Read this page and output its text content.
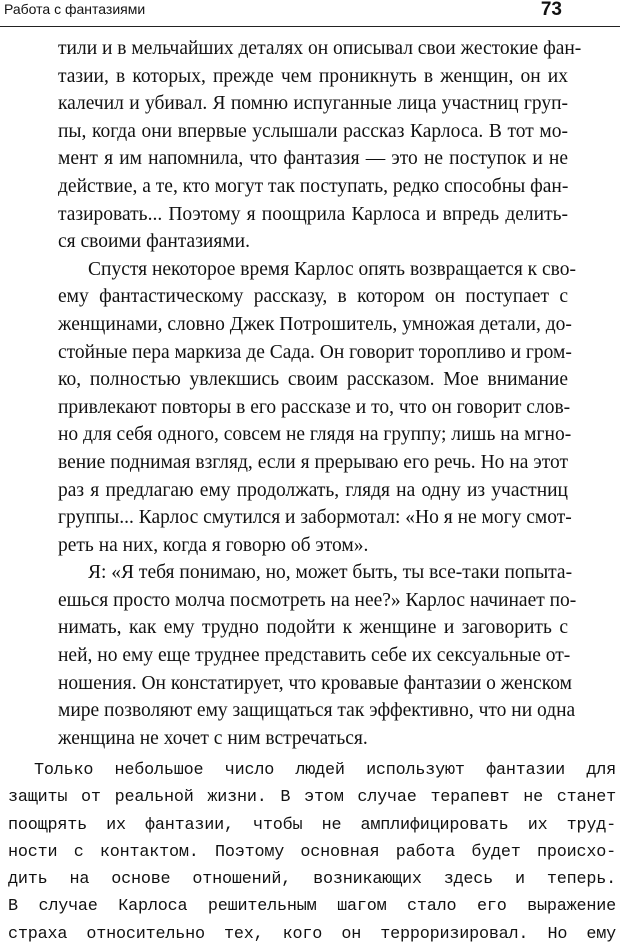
Работа с фантазиями	73

тили и в мельчайших деталях он описывал свои жестокие фан-
тазии, в которых, прежде чем проникнуть в женщин, он их
калечил и убивал. Я помню испуганные лица участниц груп-
пы, когда они впервые услышали рассказ Карлоса. В тот мо-
мент я им напомнила, что фантазия — это не поступок и не
действие, а те, кто могут так поступать, редко способны фан-
тазировать... Поэтому я поощрила Карлоса и впредь делить-
ся своими фантазиями.

Спустя некоторое время Карлос опять возвращается к сво-
ему фантастическому рассказу, в котором он поступает с
женщинами, словно Джек Потрошитель, умножая детали, до-
стойные пера маркиза де Сада. Он говорит торопливо и гром-
ко, полностью увлекшись своим рассказом. Мое внимание
привлекают повторы в его рассказе и то, что он говорит слов-
но для себя одного, совсем не глядя на группу; лишь на мгно-
вение поднимая взгляд, если я прерываю его речь. Но на этот
раз я предлагаю ему продолжать, глядя на одну из участниц
группы... Карлос смутился и забормотал: «Но я не могу смот-
реть на них, когда я говорю об этом».

Я: «Я тебя понимаю, но, может быть, ты все-таки попыта-
ешься просто молча посмотреть на нее?» Карлос начинает по-
нимать, как ему трудно подойти к женщине и заговорить с
ней, но ему еще труднее представить себе их сексуальные от-
ношения. Он констатирует, что кровавые фантазии о женском
мире позволяют ему защищаться так эффективно, что ни одна
женщина не хочет с ним встречаться.

Только небольшое число людей используют фантазии для
защиты от реальной жизни. В этом случае терапевт не станет
поощрять их фантазии, чтобы не амплифицировать их труд-
ности с контактом. Поэтому основная работа будет происхо-
дить на основе отношений, возникающих здесь и теперь.
В случае Карлоса решительным шагом стало его выражение
страха относительно тех, кого он терроризировал. Но ему
